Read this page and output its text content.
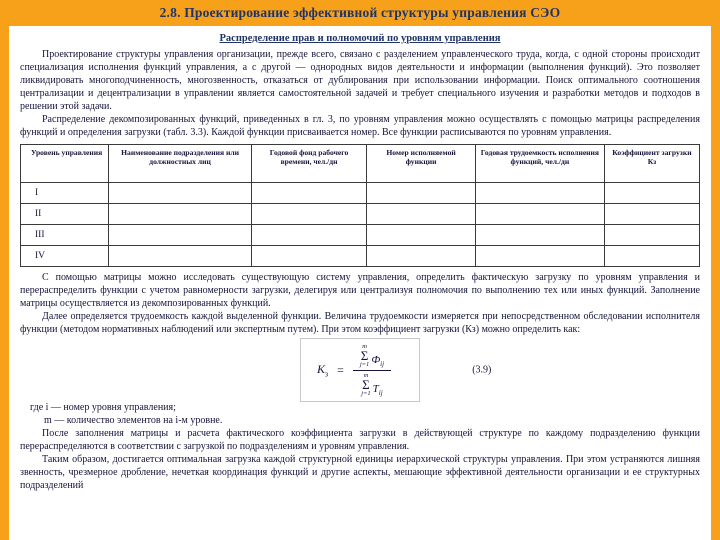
2.8. Проектирование эффективной структуры управления СЭО
Распределение прав и полномочий по уровням управления

Проектирование структуры управления организации, прежде всего, связано с разделением управленческого труда, когда, с одной стороны происходит специализация исполнения функций управления, а с другой — однородных видов деятельности и информации (выполнения функций). Это позволяет ликвидировать многоподчиненность, многозвенность, отказаться от дублирования при использовании информации. Поиск оптимального соотношения централизации и децентрализации в управлении является самостоятельной задачей и требует специального изучения и разработки методов и подходов в решении этой задачи.

Распределение декомпозированных функций, приведенных в гл. 3, по уровням управления можно осуществлять с помощью матрицы распределения функций и определения загрузки (табл. 3.3). Каждой функции присваивается номер. Все функции расписываются по уровням управления.

Уровень управления	Наименование подразделения или должностных лиц	Годовой фонд рабочего времени, чел./дн	Номер исполняемой функции	Годовая трудоемкость исполнения функций, чел./дн	Коэффициент загрузки Кз
I					
II					
III					
IV					

С помощью матрицы можно исследовать существующую систему управления, определить фактическую загрузку по уровням управления и перераспределить функции с учетом равномерности загрузки, делегируя или централизуя полномочия по выполнению тех или иных функций. Заполнение матрицы осуществляется из декомпозированных функций.

Далее определяется трудоемкость каждой выделенной функции. Величина трудоемкости измеряется при непосредственном обследовании исполнителя функции (методом нормативных наблюдений или экспертным путем). При этом коэффициент загрузки (Кз) можно определить как:

$К_з$ =
m
Σ
j=1 $Ф_{ij}$
m
Σ
j=1 $Т_{ij}$
(3.9)
где i — номер уровня управления;
m — количество элементов на i-м уровне.

После заполнения матрицы и расчета фактического коэффициента загрузки в действующей структуре по каждому подразделению функции перераспределяются в соответствии с загрузкой по подразделениям и уровням управления.

Таким образом, достигается оптимальная загрузка каждой структурной единицы иерархической структуры управления. При этом устраняются лишняя звенность, чрезмерное дробление, нечеткая координация функций и другие аспекты, мешающие эффективной деятельности организации и ее структурных подразделений
